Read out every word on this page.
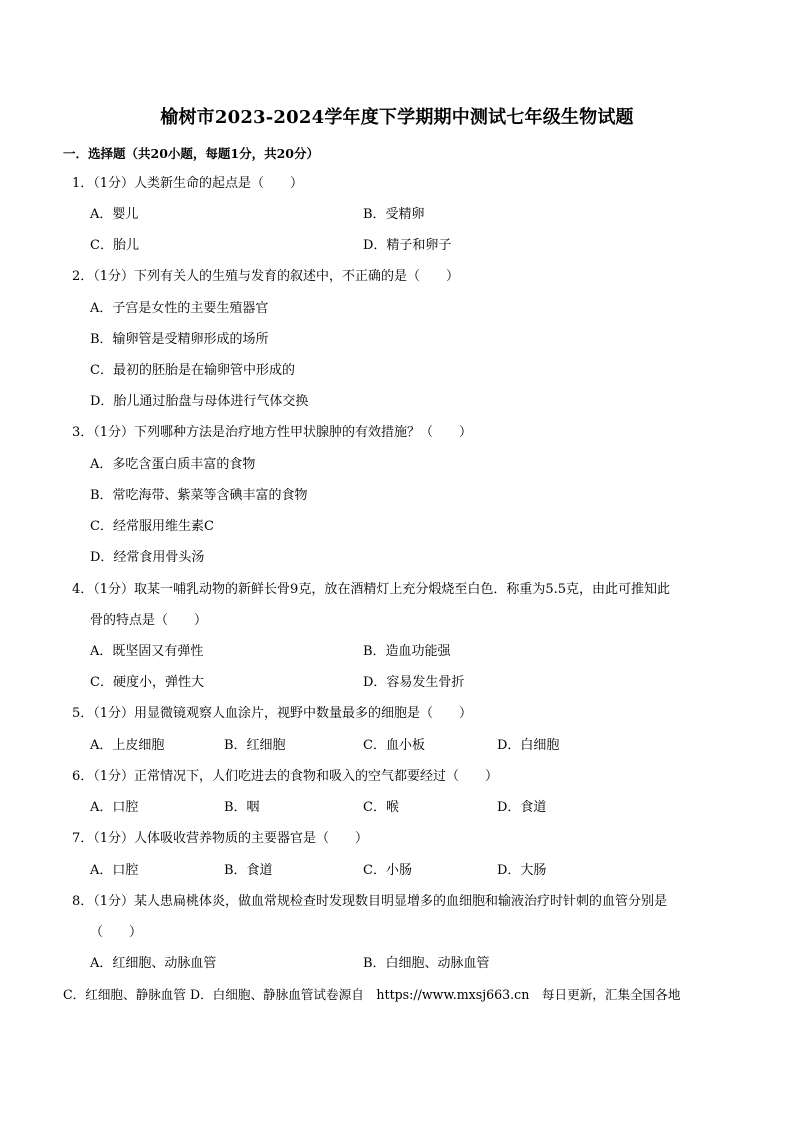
榆树市2023-2024学年度下学期期中测试七年级生物试题
一．选择题（共20小题，每题1分，共20分）
1．（1分）人类新生命的起点是（　　）
A．婴儿	B．受精卵
C．胎儿	D．精子和卵子
2．（1分）下列有关人的生殖与发育的叙述中，不正确的是（　　）
A．子宫是女性的主要生殖器官
B．输卵管是受精卵形成的场所
C．最初的胚胎是在输卵管中形成的
D．胎儿通过胎盘与母体进行气体交换
3．（1分）下列哪种方法是治疗地方性甲状腺肿的有效措施？（　　）
A．多吃含蛋白质丰富的食物
B．常吃海带、紫菜等含碘丰富的食物
C．经常服用维生素C
D．经常食用骨头汤
4．（1分）取某一哺乳动物的新鲜长骨9克，放在酒精灯上充分煅烧至白色．称重为5.5克，由此可推知此
骨的特点是（　　）
A．既坚固又有弹性	B．造血功能强
C．硬度小，弹性大	D．容易发生骨折
5．（1分）用显微镜观察人血涂片，视野中数量最多的细胞是（　　）
A．上皮细胞	B．红细胞	C．血小板	D．白细胞
6．（1分）正常情况下，人们吃进去的食物和吸入的空气都要经过（　　）
A．口腔	B．咽	C．喉	D．食道
7．（1分）人体吸收营养物质的主要器官是（　　）
A．口腔	B．食道	C．小肠	D．大肠
8．（1分）某人患扁桃体炎，做血常规检查时发现数目明显增多的血细胞和输液治疗时针刺的血管分别是
（　　）
A．红细胞、动脉血管	B．白细胞、动脉血管
C．红细胞、静脉血管 D．白细胞、静脉血管试卷源自　https://www.mxsj663.cn　每日更新，汇集全国各地
